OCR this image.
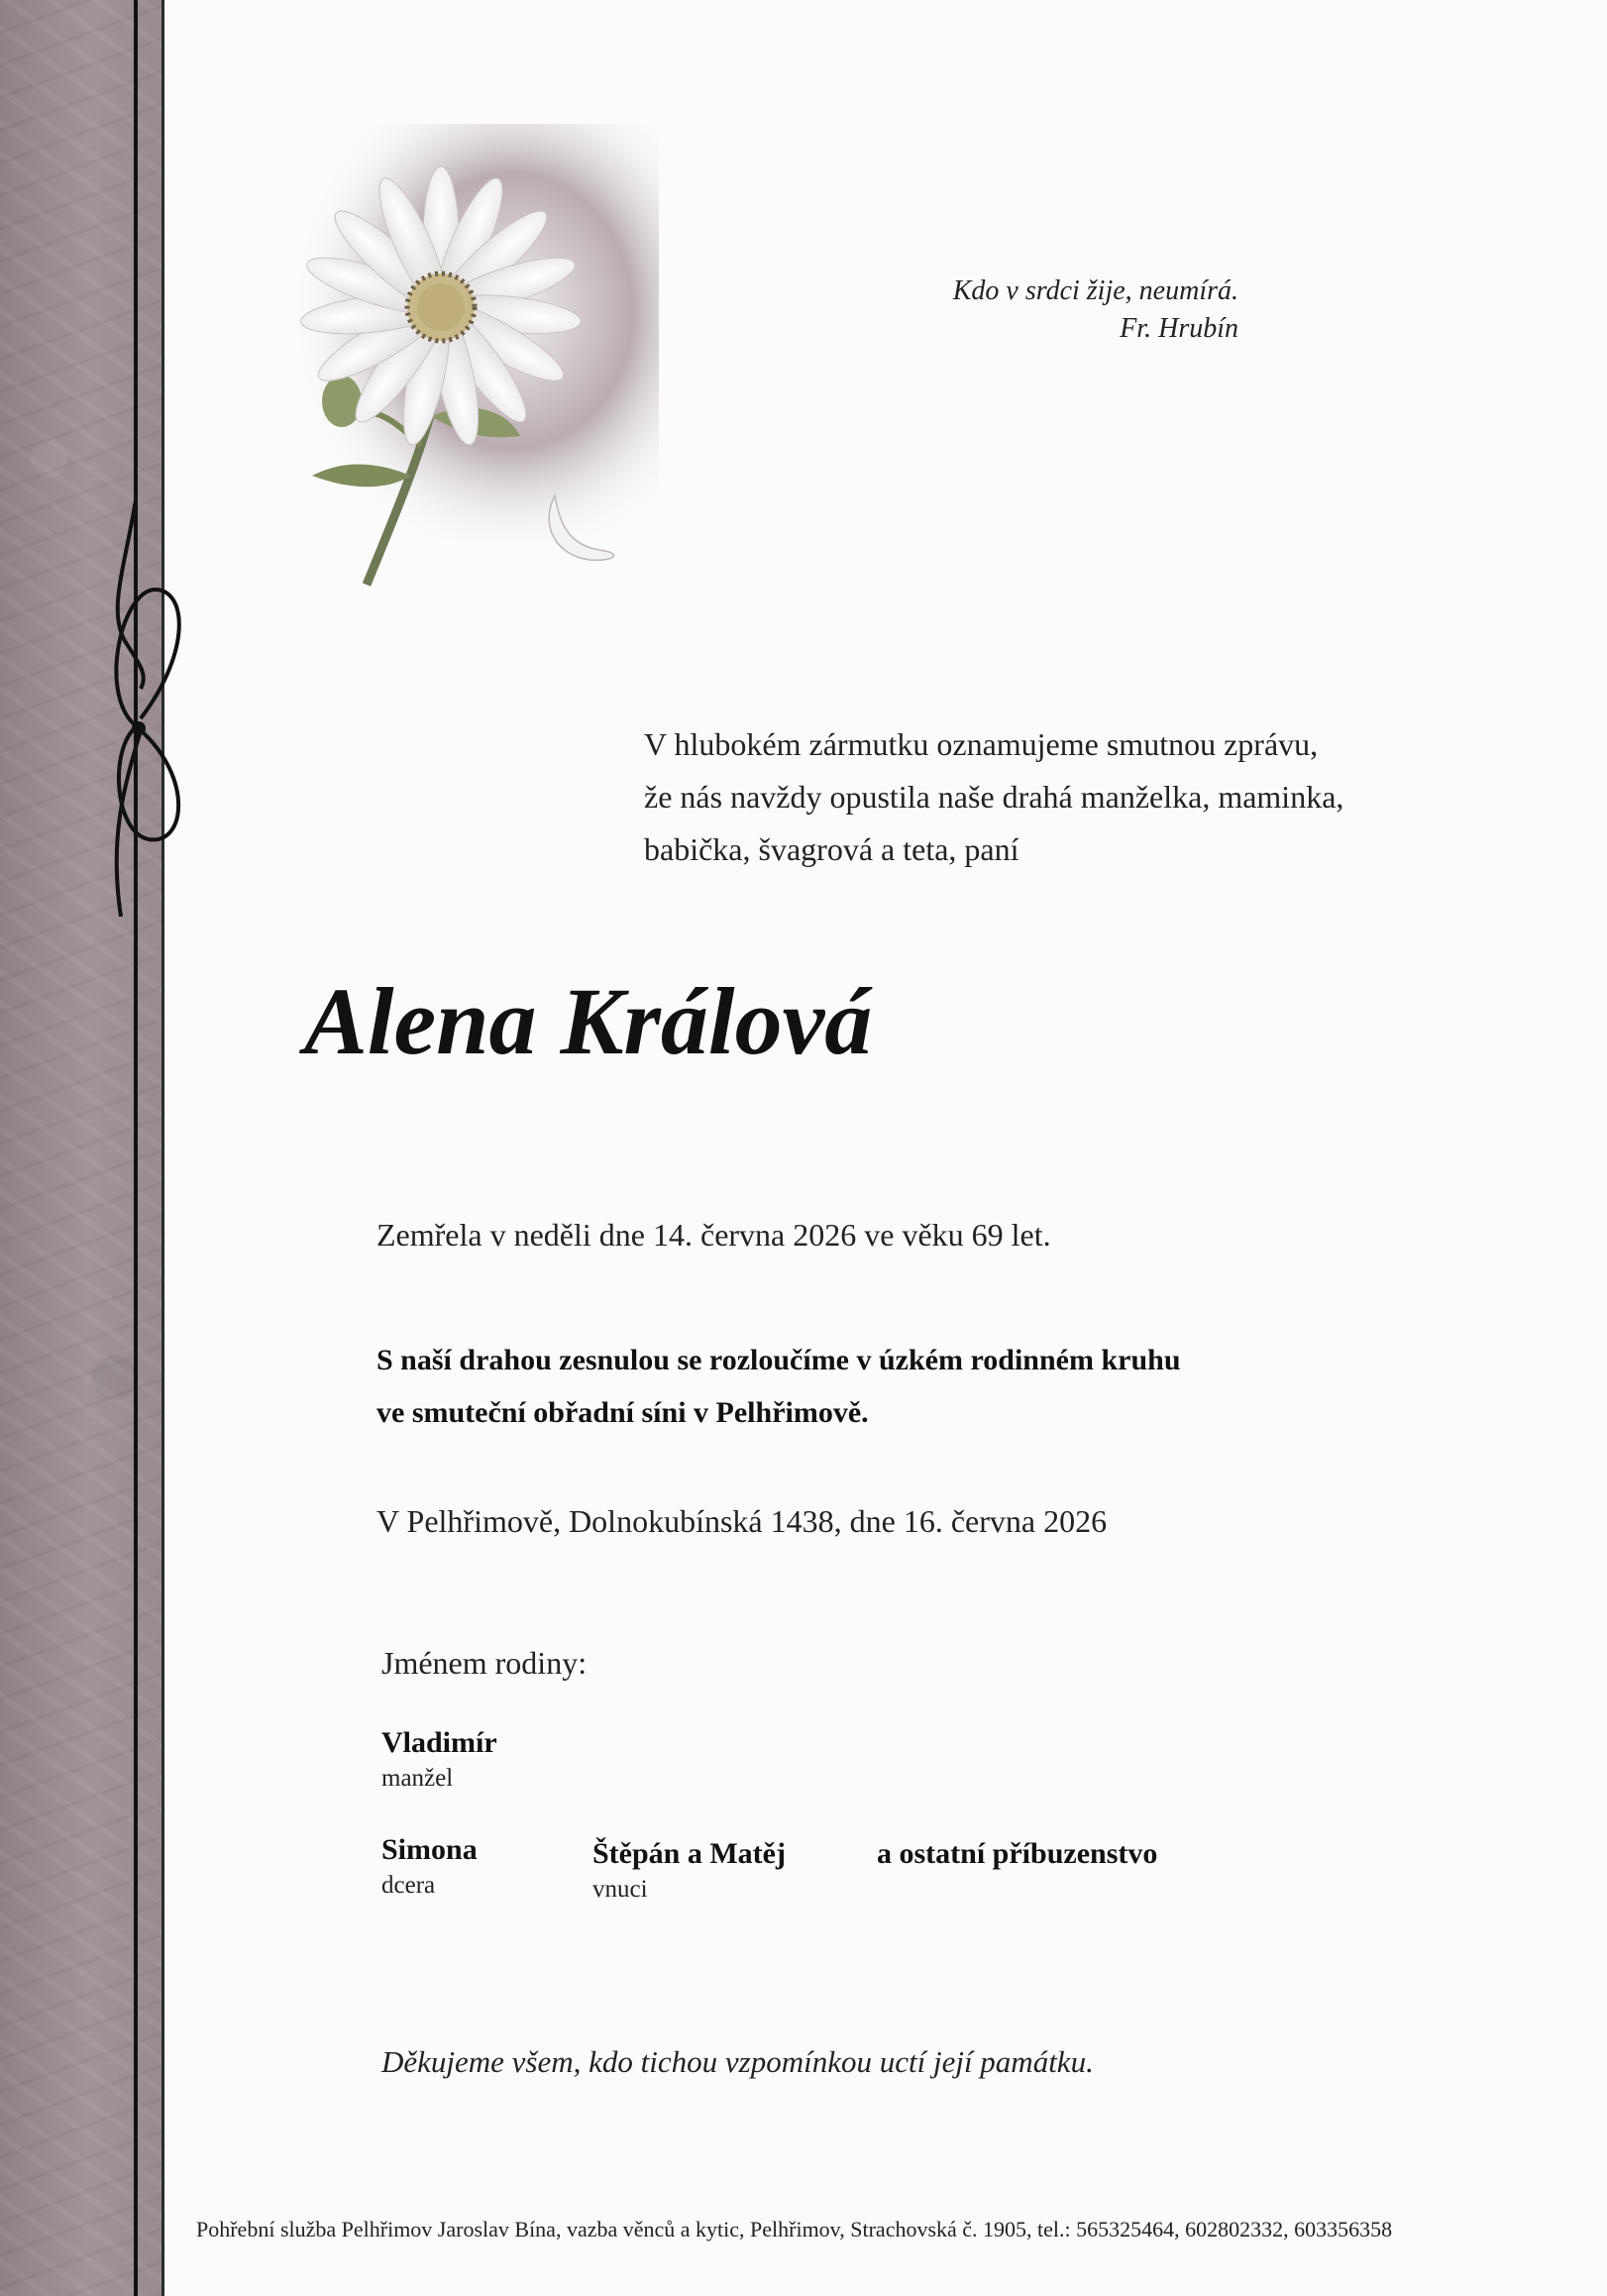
Kdo v srdci žije, neumírá.
Fr. Hrubín
V hlubokém zármutku oznamujeme smutnou zprávu,
že nás navždy opustila naše drahá manželka, maminka,
babička, švagrová a teta, paní
Alena Králová
Zemřela v neděli dne 14. června 2026 ve věku 69 let.
S naší drahou zesnulou se rozloučíme v úzkém rodinném kruhu
ve smuteční obřadní síni v Pelhřimově.
V Pelhřimově, Dolnokubínská 1438, dne 16. června 2026
Jménem rodiny:
Vladimír
manžel
Simona
dcera
Štěpán a Matěj
vnuci
a ostatní příbuzenstvo
Děkujeme všem, kdo tichou vzpomínkou uctí její památku.
Pohřební služba Pelhřimov Jaroslav Bína, vazba věnců a kytic, Pelhřimov, Strachovská č. 1905, tel.: 565325464, 602802332, 603356358
